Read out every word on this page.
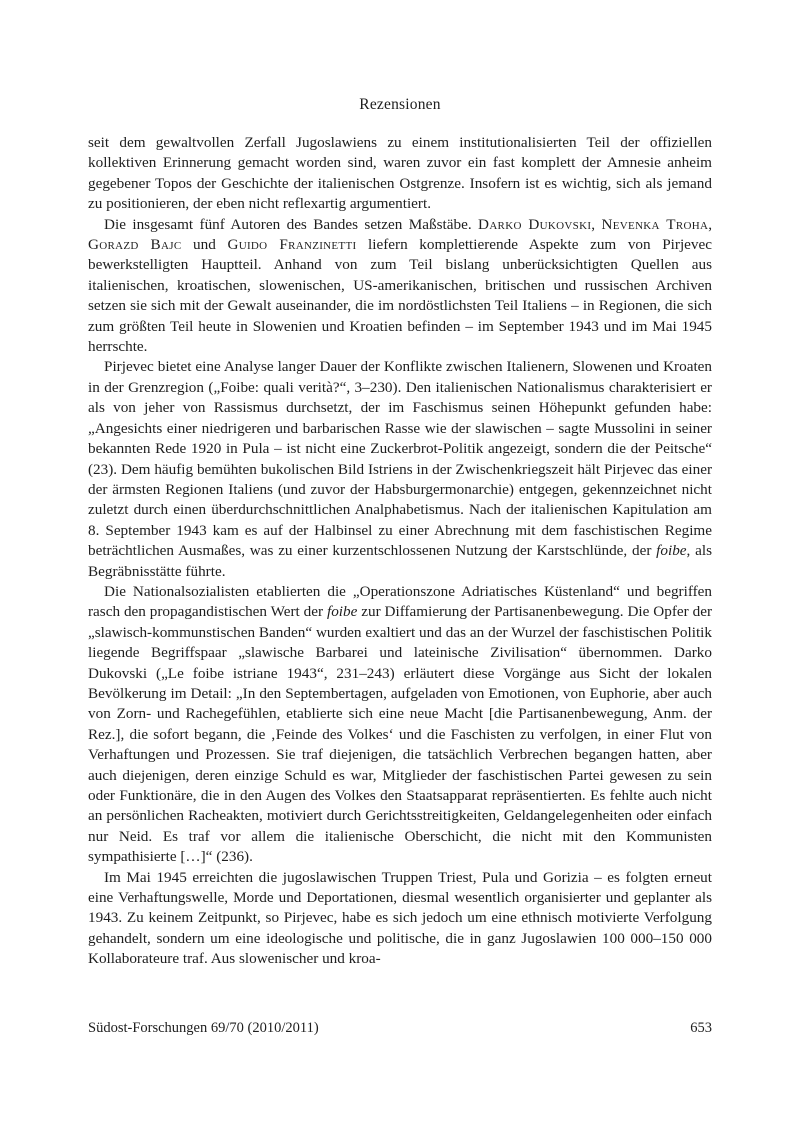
Rezensionen

seit dem gewaltvollen Zerfall Jugoslawiens zu einem institutionalisierten Teil der offiziellen kollektiven Erinnerung gemacht worden sind, waren zuvor ein fast komplett der Amnesie anheim gegebener Topos der Geschichte der italienischen Ostgrenze. Insofern ist es wichtig, sich als jemand zu positionieren, der eben nicht reflexartig argumentiert.

Die insgesamt fünf Autoren des Bandes setzen Maßstäbe. Darko Dukovski, Nevenka Troha, Gorazd Bajc und Guido Franzinetti liefern komplettierende Aspekte zum von Pirjevec bewerkstelligten Hauptteil. Anhand von zum Teil bislang unberücksichtigten Quellen aus italienischen, kroatischen, slowenischen, US-amerikanischen, britischen und russischen Archiven setzen sie sich mit der Gewalt auseinander, die im nordöstlichsten Teil Italiens – in Regionen, die sich zum größten Teil heute in Slowenien und Kroatien befinden – im September 1943 und im Mai 1945 herrschte.

Pirjevec bietet eine Analyse langer Dauer der Konflikte zwischen Italienern, Slowenen und Kroaten in der Grenzregion („Foibe: quali verità?“, 3–230). Den italienischen Nationalismus charakterisiert er als von jeher von Rassismus durchsetzt, der im Faschismus seinen Höhepunkt gefunden habe: „Angesichts einer niedrigeren und barbarischen Rasse wie der slawischen – sagte Mussolini in seiner bekannten Rede 1920 in Pula – ist nicht eine Zuckerbrot-Politik angezeigt, sondern die der Peitsche“ (23). Dem häufig bemühten bukolischen Bild Istriens in der Zwischenkriegszeit hält Pirjevec das einer der ärmsten Regionen Italiens (und zuvor der Habsburgermonarchie) entgegen, gekennzeichnet nicht zuletzt durch einen überdurchschnittlichen Analphabetismus. Nach der italienischen Kapitulation am 8. September 1943 kam es auf der Halbinsel zu einer Abrechnung mit dem faschistischen Regime beträchtlichen Ausmaßes, was zu einer kurzentschlossenen Nutzung der Karstschlünde, der foibe, als Begräbnisstätte führte.

Die Nationalsozialisten etablierten die „Operationszone Adriatisches Küstenland“ und begriffen rasch den propagandistischen Wert der foibe zur Diffamierung der Partisanenbewegung. Die Opfer der „slawisch-kommunstischen Banden“ wurden exaltiert und das an der Wurzel der faschistischen Politik liegende Begriffspaar „slawische Barbarei und lateinische Zivilisation“ übernommen. Darko Dukovski („Le foibe istriane 1943“, 231–243) erläutert diese Vorgänge aus Sicht der lokalen Bevölkerung im Detail: „In den Septembertagen, aufgeladen von Emotionen, von Euphorie, aber auch von Zorn- und Rachegefühlen, etablierte sich eine neue Macht [die Partisanenbewegung, Anm. der Rez.], die sofort begann, die ‚Feinde des Volkes‘ und die Faschisten zu verfolgen, in einer Flut von Verhaftungen und Prozessen. Sie traf diejenigen, die tatsächlich Verbrechen begangen hatten, aber auch diejenigen, deren einzige Schuld es war, Mitglieder der faschistischen Partei gewesen zu sein oder Funktionäre, die in den Augen des Volkes den Staatsapparat repräsentierten. Es fehlte auch nicht an persönlichen Racheakten, motiviert durch Gerichtsstreitigkeiten, Geldangelegenheiten oder einfach nur Neid. Es traf vor allem die italienische Oberschicht, die nicht mit den Kommunisten sympathisierte […]“ (236).

Im Mai 1945 erreichten die jugoslawischen Truppen Triest, Pula und Gorizia – es folgten erneut eine Verhaftungswelle, Morde und Deportationen, diesmal wesentlich organisierter und geplanter als 1943. Zu keinem Zeitpunkt, so Pirjevec, habe es sich jedoch um eine ethnisch motivierte Verfolgung gehandelt, sondern um eine ideologische und politische, die in ganz Jugoslawien 100 000–150 000 Kollaborateure traf. Aus slowenischer und kroa-

Südost-Forschungen 69/70 (2010/2011)	653
